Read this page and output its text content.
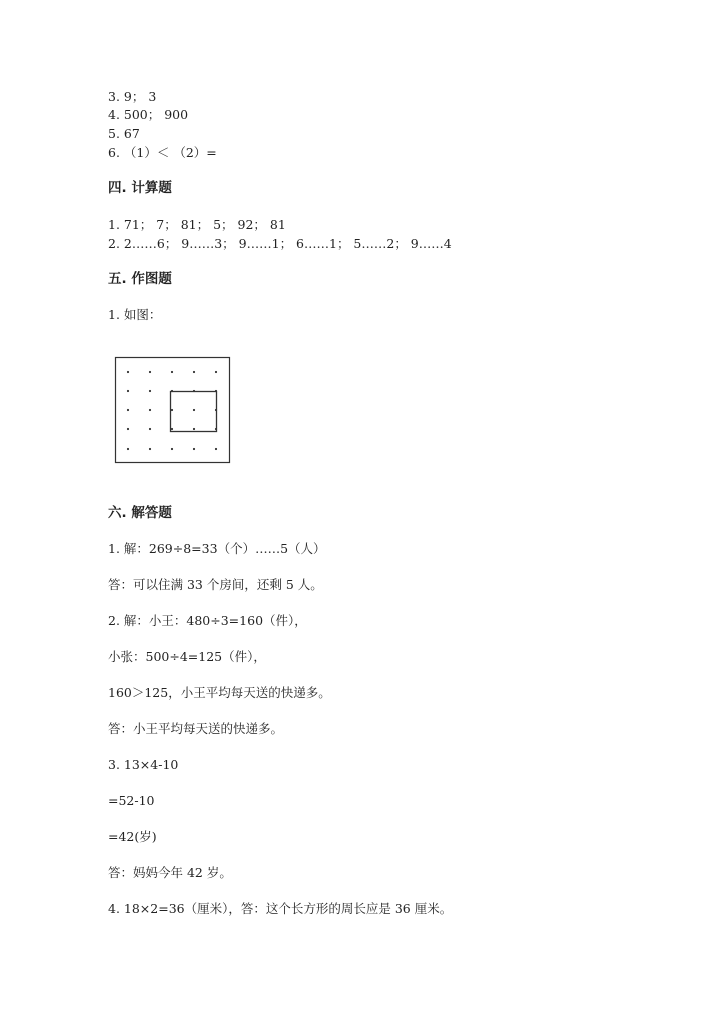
3. 9； 3
4. 500； 900
5. 67
6. （1）＜ （2）=
四. 计算题
1. 71； 7； 81； 5； 92； 81
2. 2……6； 9……3； 9……1； 6……1； 5……2； 9……4
五. 作图题
1. 如图：
六. 解答题
1. 解：269÷8=33（个）……5（人）
答：可以住满 33 个房间，还剩 5 人。
2. 解：小王：480÷3=160（件），
小张：500÷4=125（件），
160＞125，小王平均每天送的快递多。
答：小王平均每天送的快递多。
3. 13×4-10
=52-10
=42(岁)
答：妈妈今年 42 岁。
4. 18×2=36（厘米），答：这个长方形的周长应是 36 厘米。
